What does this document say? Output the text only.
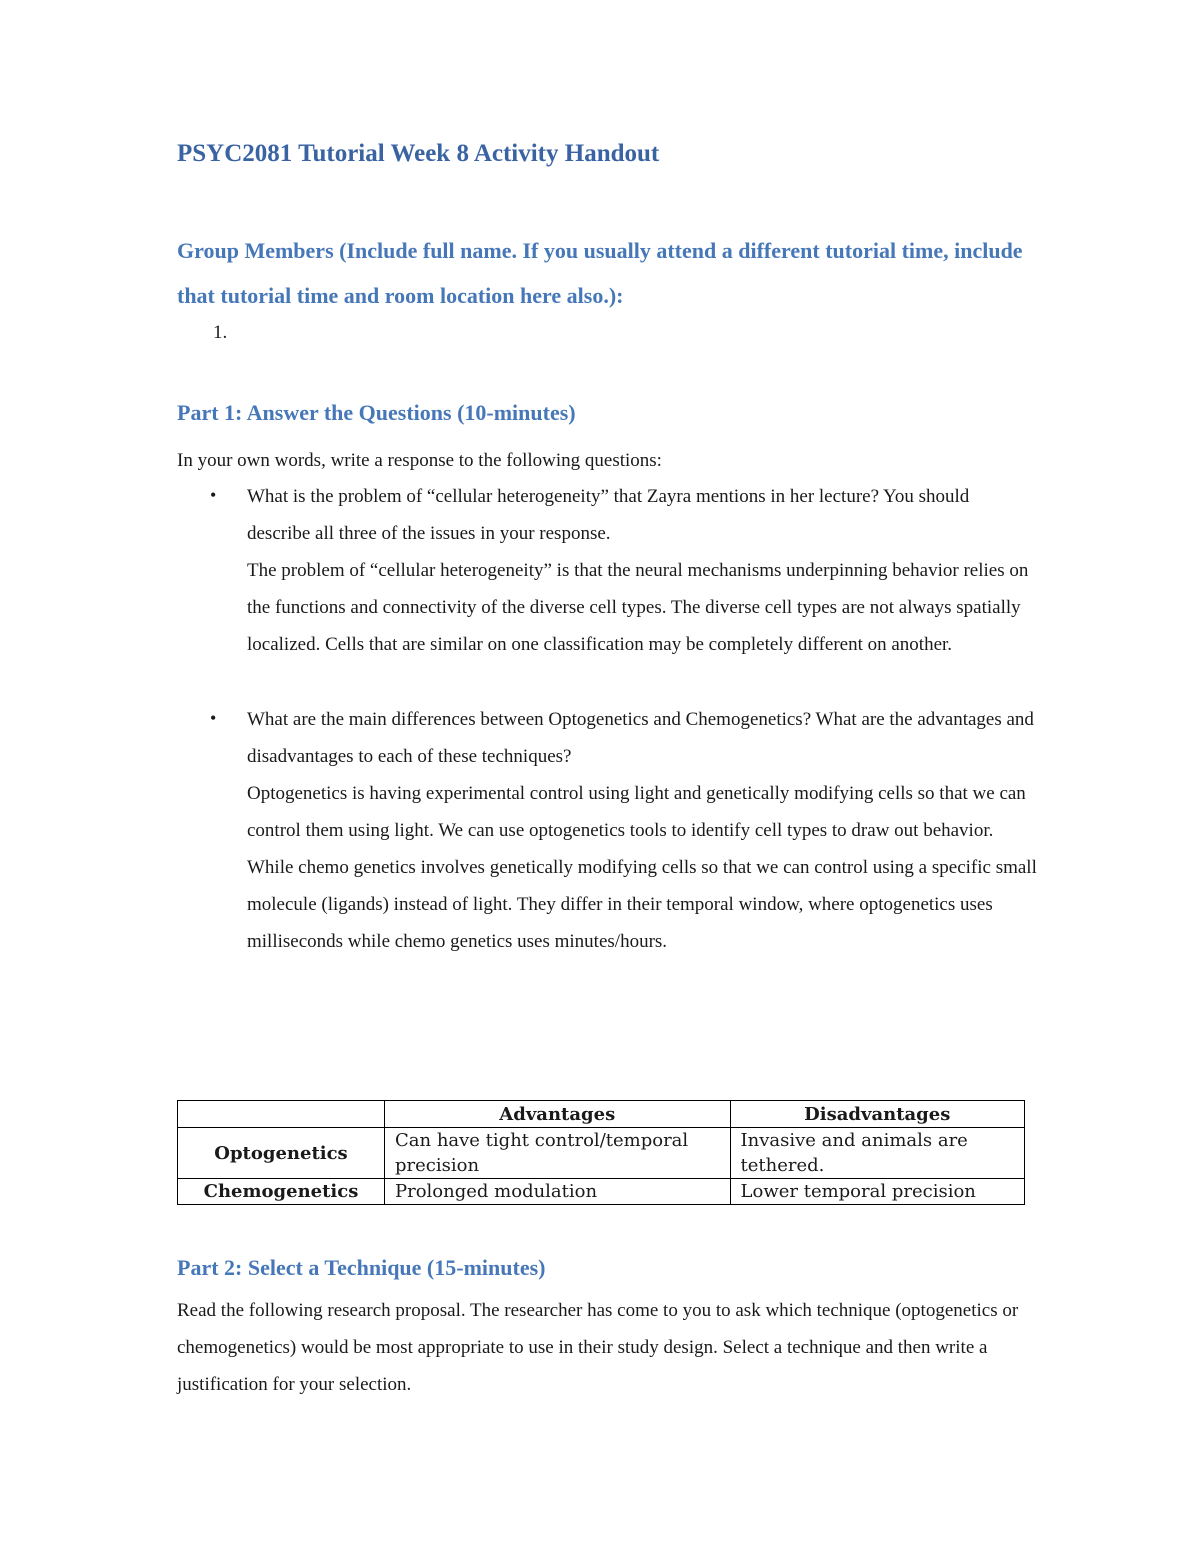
PSYC2081 Tutorial Week 8 Activity Handout
Group Members (Include full name. If you usually attend a different tutorial time, include that tutorial time and room location here also.):
1.
Part 1: Answer the Questions (10-minutes)
In your own words, write a response to the following questions:
• What is the problem of “cellular heterogeneity” that Zayra mentions in her lecture? You should describe all three of the issues in your response.

The problem of “cellular heterogeneity” is that the neural mechanisms underpinning behavior relies on the functions and connectivity of the diverse cell types. The diverse cell types are not always spatially localized. Cells that are similar on one classification may be completely different on another.

• What are the main differences between Optogenetics and Chemogenetics? What are the advantages and disadvantages to each of these techniques?

Optogenetics is having experimental control using light and genetically modifying cells so that we can control them using light. We can use optogenetics tools to identify cell types to draw out behavior. While chemo genetics involves genetically modifying cells so that we can control using a specific small molecule (ligands) instead of light. They differ in their temporal window, where optogenetics uses milliseconds while chemo genetics uses minutes/hours.

	Advantages	Disadvantages
Optogenetics	Can have tight control/temporal precision	Invasive and animals are tethered.
Chemogenetics	Prolonged modulation	Lower temporal precision
Part 2: Select a Technique (15-minutes)
Read the following research proposal. The researcher has come to you to ask which technique (optogenetics or chemogenetics) would be most appropriate to use in their study design. Select a technique and then write a justification for your selection.
